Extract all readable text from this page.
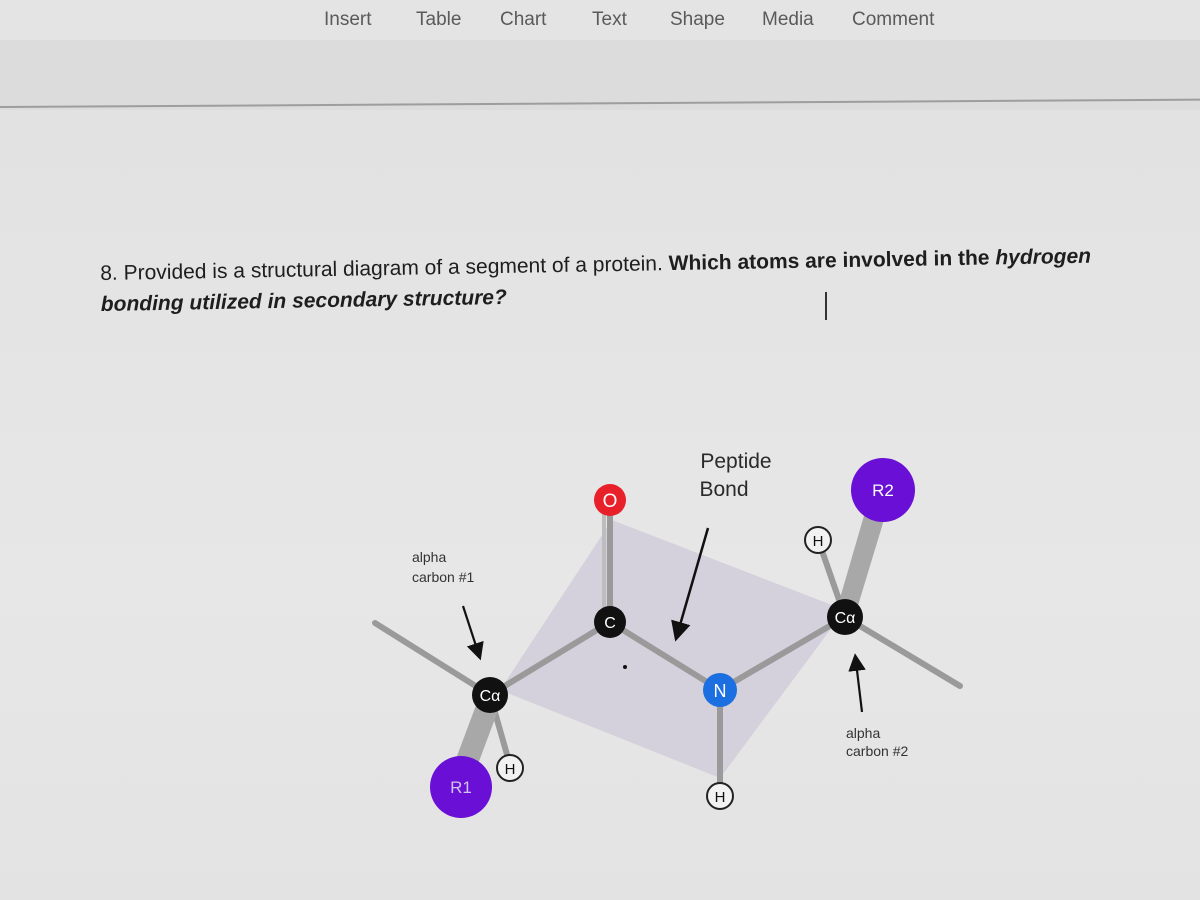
Insert Table Chart Text Shape Media Comment
8. Provided is a structural diagram of a segment of a protein. Which atoms are involved in the hydrogen bonding utilized in secondary structure?
O
C
N
Cα
Cα
R1
R2
H
H
H
Peptide
Bond
alpha
carbon #1
alpha
carbon #2
